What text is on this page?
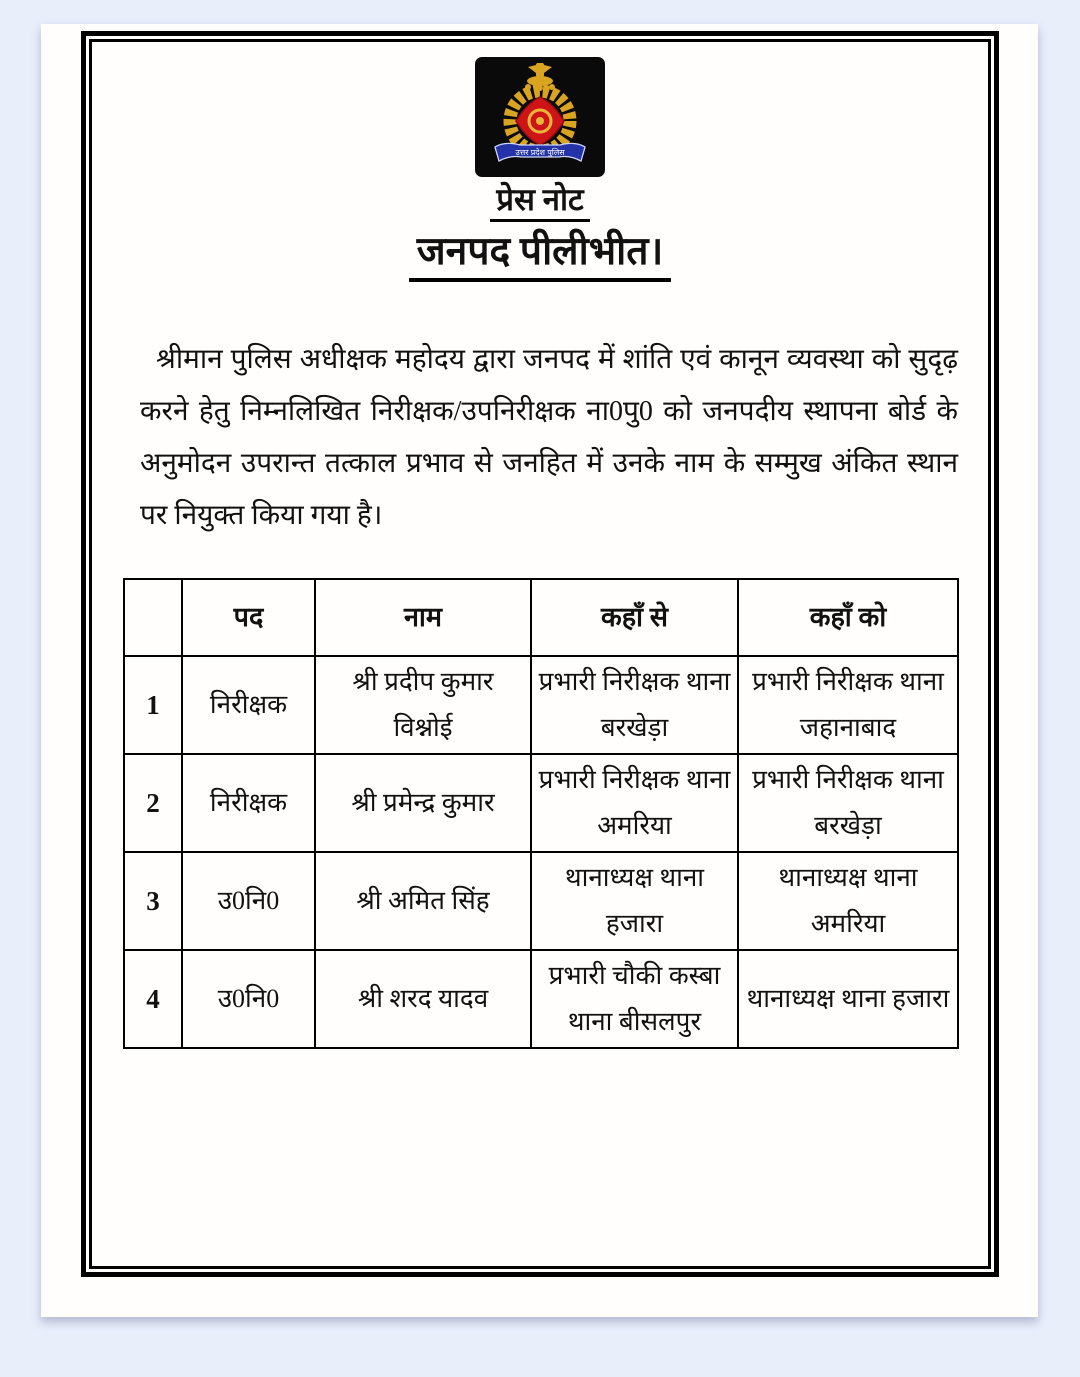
उत्तर प्रदेश पुलिस
प्रेस नोट
जनपद पीलीभीत।

श्रीमान पुलिस अधीक्षक महोदय द्वारा जनपद में शांति एवं कानून व्यवस्था को सुदृढ़ करने हेतु निम्नलिखित निरीक्षक/उपनिरीक्षक ना0पु0 को जनपदीय स्थापना बोर्ड के अनुमोदन उपरान्त तत्काल प्रभाव से जनहित में उनके नाम के सम्मुख अंकित स्थान पर नियुक्त किया गया है।

	पद	नाम	कहाँ से	कहाँ को
1	निरीक्षक	श्री प्रदीप कुमार विश्नोई	प्रभारी निरीक्षक थाना बरखेड़ा	प्रभारी निरीक्षक थाना जहानाबाद
2	निरीक्षक	श्री प्रमेन्द्र कुमार	प्रभारी निरीक्षक थाना अमरिया	प्रभारी निरीक्षक थाना बरखेड़ा
3	उ0नि0	श्री अमित सिंह	थानाध्यक्ष थाना हजारा	थानाध्यक्ष थाना अमरिया
4	उ0नि0	श्री शरद यादव	प्रभारी चौकी कस्बा थाना बीसलपुर	थानाध्यक्ष थाना हजारा
